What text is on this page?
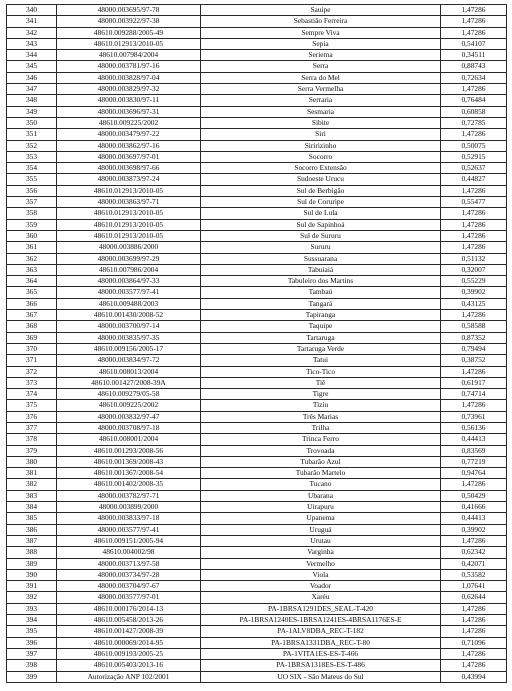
340	48000.003695/97-78	Sauipe	1,47286
341	48000.003922/97-38	Sebastião Ferreira	1,47286
342	48610.009288/2005-49	Sempre Viva	1,47286
343	48610.012913/2010-05	Sepia	0,54107
344	48610.007984/2004	Seriema	0,34511
345	48000.003781/97-16	Serra	0,88743
346	48000.003828/97-04	Serra do Mel	0,72634
347	48000.003829/97-32	Serra Vermelha	1,47286
348	48000.003830/97-11	Serraria	0,76484
349	48000.003696/97-31	Sesmaria	0,60858
350	48610.009225/2002	Sibite	0,72785
351	48000.003479/97-22	Siri	1,47286
352	48000.003862/97-16	Siririzinho	0,50075
353	48000.003697/97-01	Socorro	0,52915
354	48000.003698/97-66	Socorro Extensão	0,52637
355	48000.003873/97-24	Sudoeste Urucu	0,44827
356	48610.012913/2010-05	Sul de Berbigão	1,47286
357	48000.003863/97-71	Sul de Coruripe	0,55477
358	48610.012913/2010-05	Sul de Lula	1,47286
359	48610.012913/2010-05	Sul de Sapinhoá	1,47286
360	48610.012913/2010-05	Sul de Sururu	1,47286
361	48000.003886/2000	Sururu	1,47286
362	48000.003699/97-29	Sussuarana	0,51132
363	48610.007986/2004	Tabuiaiá	0,32007
364	48000.003864/97-33	Tabuleiro dos Martins	0,55229
365	48000.003577/97-41	Tambaú	0,39902
366	48610.009488/2003	Tangará	0,43125
367	48610.001430/2008-52	Tapiranga	1,47286
368	48000.003700/97-14	Taquipe	0,58588
369	48000.003835/97-35	Tartaruga	0,87352
370	48610.009156/2005-17	Tartaruga Verde	0,79494
371	48000.003834/97-72	Tatui	0,38752
372	48610.008013/2004	Tico-Tico	1,47286
373	48610.001427/2008-39A	Tiê	0,61917
374	48610.009279/05-58	Tigre	0,74714
375	48610.009225/2002	Tiziu	1,47286
376	48000.003832/97-47	Três Marias	0,73961
377	48000.003708/97-18	Trilha	0,56136
378	48610.008001/2004	Trinca Ferro	0,44413
379	48610.001293/2008-56	Trovoada	0,83569
380	48610.001369/2008-43	Tubarão Azul	0,77219
381	48610.001367/2008-54	Tubarão Martelo	0,94764
382	48610.001402/2008-35	Tucano	1,47286
383	48000.003782/97-71	Ubarana	0,50429
384	48000.003899/2000	Uirapuru	0,41666
385	48000.003833/97-18	Upanema	0,44413
386	48000.003577/97-41	Uruguá	0,39902
387	48610.009151/2005-94	Urutau	1,47286
388	48610.004002/98	Varginha	0,62342
389	48000.003713/97-58	Vermelho	0,42071
390	48000.003734/97-28	Viola	0,53582
391	48000.003704/97-67	Voador	1,07641
392	48000.003577/97-01	Xaréu	0,62644
393	48610.000176/2014-13	PA-1BRSA1291DES_SEAL-T-420	1,47286
394	48610.005458/2013-26	PA-1BRSA1240ES-1BRSA1241ES-4BRSA1176ES-E	1,47286
395	48610.001427/2008-39	PA-1ALV8DBA_REC-T-182	1,47286
396	48610.000069/2014-95	PA-1BRSA1331DBA_REC-T-80	0,71096
397	48610.009193/2005-25	PA-1VITA1ES-ES-T-466	1,47286
398	48610.005403/2013-16	PA-1BRSA1318ES-ES-T-486	1,47286
399	Autorização ANP 102/2001	UO SIX - São Mateus do Sul	0,43994
